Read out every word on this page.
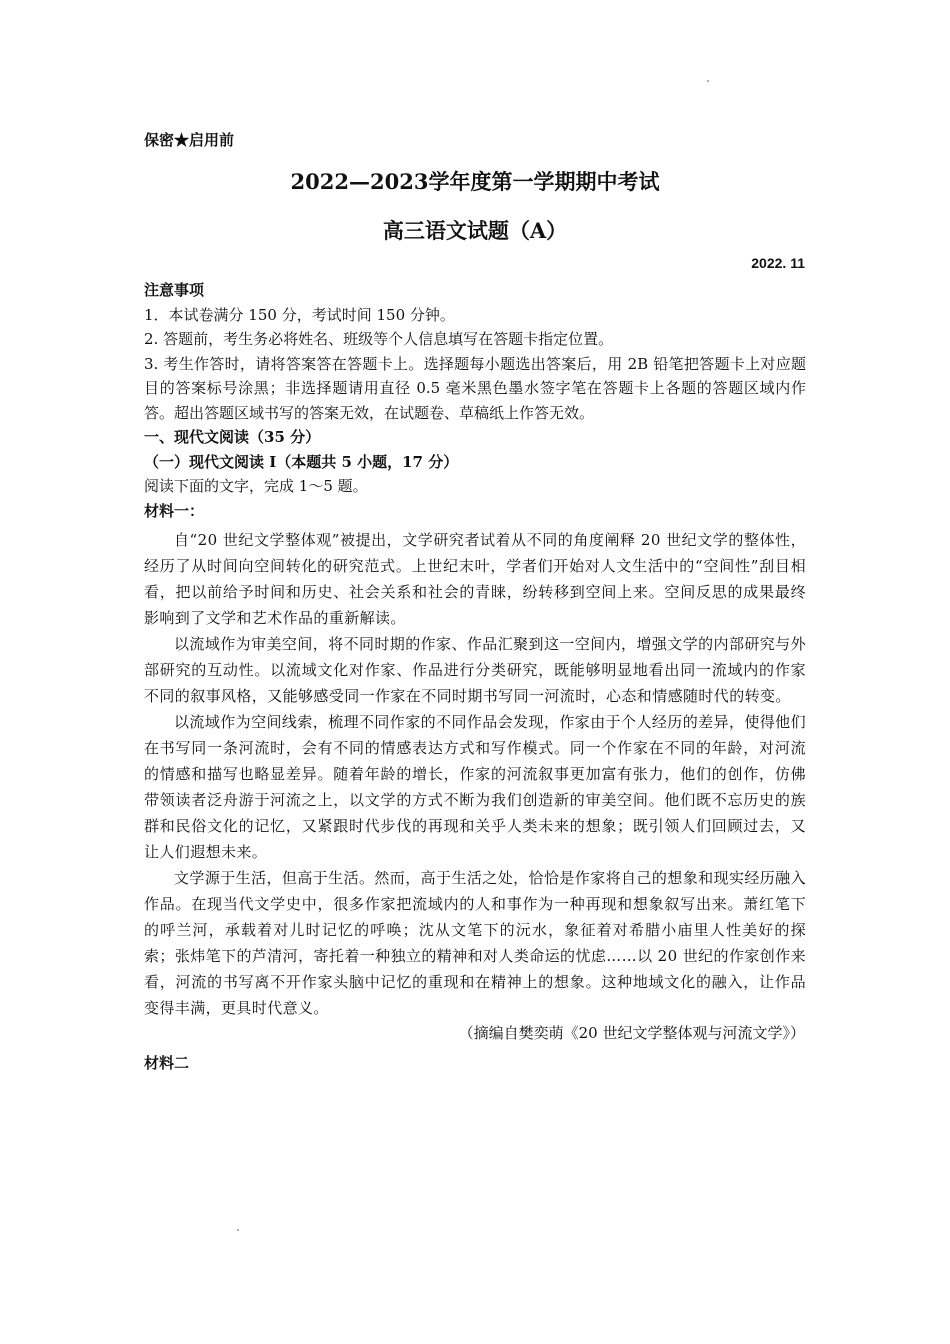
保密★启用前
2022—2023学年度第一学期期中考试
高三语文试题（A）
2022. 11
注意事项
1．本试卷满分 150 分，考试时间 150 分钟。
2. 答题前，考生务必将姓名、班级等个人信息填写在答题卡指定位置。
3. 考生作答时，请将答案答在答题卡上。选择题每小题选出答案后，用 2B 铅笔把答题卡上对应题目的答案标号涂黑；非选择题请用直径 0.5 毫米黑色墨水签字笔在答题卡上各题的答题区域内作答。超出答题区域书写的答案无效，在试题卷、草稿纸上作答无效。
一、现代文阅读（35 分）
（一）现代文阅读 I（本题共 5 小题，17 分）
阅读下面的文字，完成 1～5 题。
材料一：

自“20 世纪文学整体观”被提出，文学研究者试着从不同的角度阐释 20 世纪文学的整体性，经历了从时间向空间转化的研究范式。上世纪末叶，学者们开始对人文生活中的“空间性”刮目相看，把以前给予时间和历史、社会关系和社会的青睐，纷转移到空间上来。空间反思的成果最终影响到了文学和艺术作品的重新解读。

以流域作为审美空间，将不同时期的作家、作品汇聚到这一空间内，增强文学的内部研究与外部研究的互动性。以流域文化对作家、作品进行分类研究，既能够明显地看出同一流域内的作家不同的叙事风格，又能够感受同一作家在不同时期书写同一河流时，心态和情感随时代的转变。

以流域作为空间线索，梳理不同作家的不同作品会发现，作家由于个人经历的差异，使得他们在书写同一条河流时，会有不同的情感表达方式和写作模式。同一个作家在不同的年龄，对河流的情感和描写也略显差异。随着年龄的增长，作家的河流叙事更加富有张力，他们的创作，仿佛带领读者泛舟游于河流之上，以文学的方式不断为我们创造新的审美空间。他们既不忘历史的族群和民俗文化的记忆，又紧跟时代步伐的再现和关乎人类未来的想象；既引领人们回顾过去，又让人们遐想未来。

文学源于生活，但高于生活。然而，高于生活之处，恰恰是作家将自己的想象和现实经历融入作品。在现当代文学史中，很多作家把流域内的人和事作为一种再现和想象叙写出来。萧红笔下的呼兰河，承载着对儿时记忆的呼唤；沈从文笔下的沅水，象征着对希腊小庙里人性美好的探索；张炜笔下的芦清河，寄托着一种独立的精神和对人类命运的忧虑……以 20 世纪的作家创作来看，河流的书写离不开作家头脑中记忆的重现和在精神上的想象。这种地域文化的融入，让作品变得丰满，更具时代意义。

（摘编自樊奕萌《20 世纪文学整体观与河流文学》）
材料二
